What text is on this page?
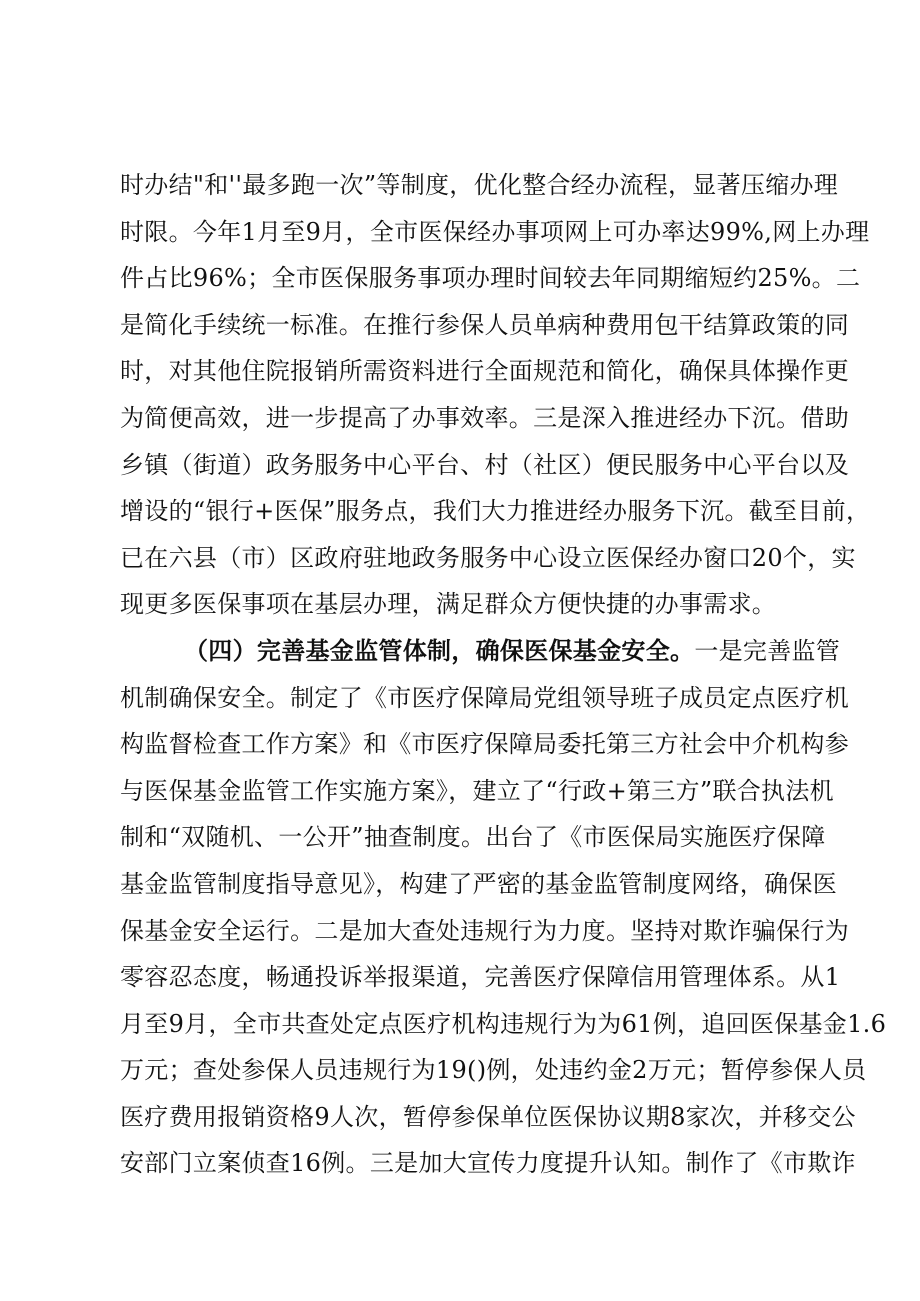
时办结"和''最多跑一次”等制度，优化整合经办流程，显著压缩办理
时限。今年1月至9月，全市医保经办事项网上可办率达99%,网上办理
件占比96%；全市医保服务事项办理时间较去年同期缩短约25%。二
是简化手续统一标准。在推行参保人员单病种费用包干结算政策的同
时，对其他住院报销所需资料进行全面规范和简化，确保具体操作更
为简便高效，进一步提高了办事效率。三是深入推进经办下沉。借助
乡镇（街道）政务服务中心平台、村（社区）便民服务中心平台以及
增设的“银行+医保”服务点，我们大力推进经办服务下沉。截至目前，
已在六县（市）区政府驻地政务服务中心设立医保经办窗口20个，实
现更多医保事项在基层办理，满足群众方便快捷的办事需求。
（四）完善基金监管体制，确保医保基金安全。一是完善监管
机制确保安全。制定了《市医疗保障局党组领导班子成员定点医疗机
构监督检查工作方案》和《市医疗保障局委托第三方社会中介机构参
与医保基金监管工作实施方案》，建立了“行政+第三方”联合执法机
制和“双随机、一公开”抽查制度。出台了《市医保局实施医疗保障
基金监管制度指导意见》，构建了严密的基金监管制度网络，确保医
保基金安全运行。二是加大查处违规行为力度。坚持对欺诈骗保行为
零容忍态度，畅通投诉举报渠道，完善医疗保障信用管理体系。从1
月至9月，全市共查处定点医疗机构违规行为为61例，追回医保基金1.6
万元；查处参保人员违规行为19()例，处违约金2万元；暂停参保人员
医疗费用报销资格9人次，暂停参保单位医保协议期8家次，并移交公
安部门立案侦查16例。三是加大宣传力度提升认知。制作了《市欺诈
